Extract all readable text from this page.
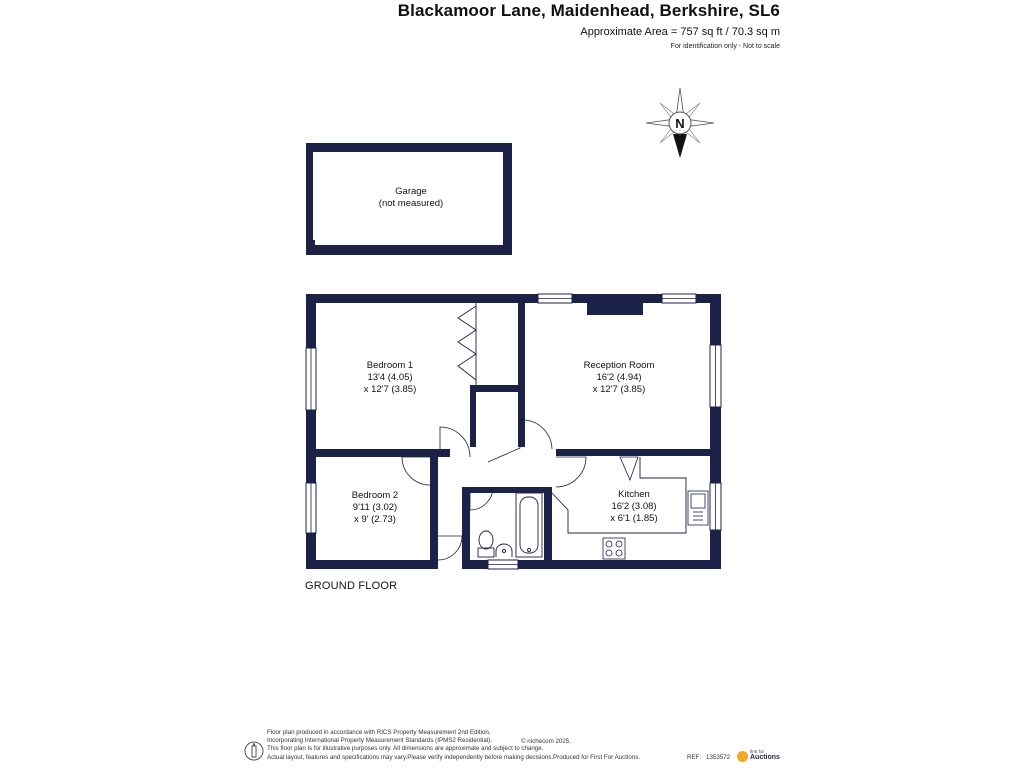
Blackamoor Lane, Maidenhead, Berkshire, SL6
Approximate Area = 757 sq ft / 70.3 sq m
For identification only - Not to scale
N
Garage
(not measured)
Bedroom 1
13'4 (4.05)
x 12'7 (3.85)
Reception Room
16'2 (4.94)
x 12'7 (3.85)
Bedroom 2
9'11 (3.02)
x 9' (2.73)
Kitchen
16'2 (3.08)
x 6'1 (1.85)
GROUND FLOOR
Floor plan produced in accordance with RICS Property Measurement 2nd Edition,
Incorporating International Property Measurement Standards (IPMS2 Residential).
This floor plan is for illustrative purposes only. All dimensions are approximate and subject to change.
Actual layout, features and specifications may vary.Please verify independently before making decisions.Produced for First For Auctions.
© nichecom 2025.
REF: 1353572
first for
Auctions
